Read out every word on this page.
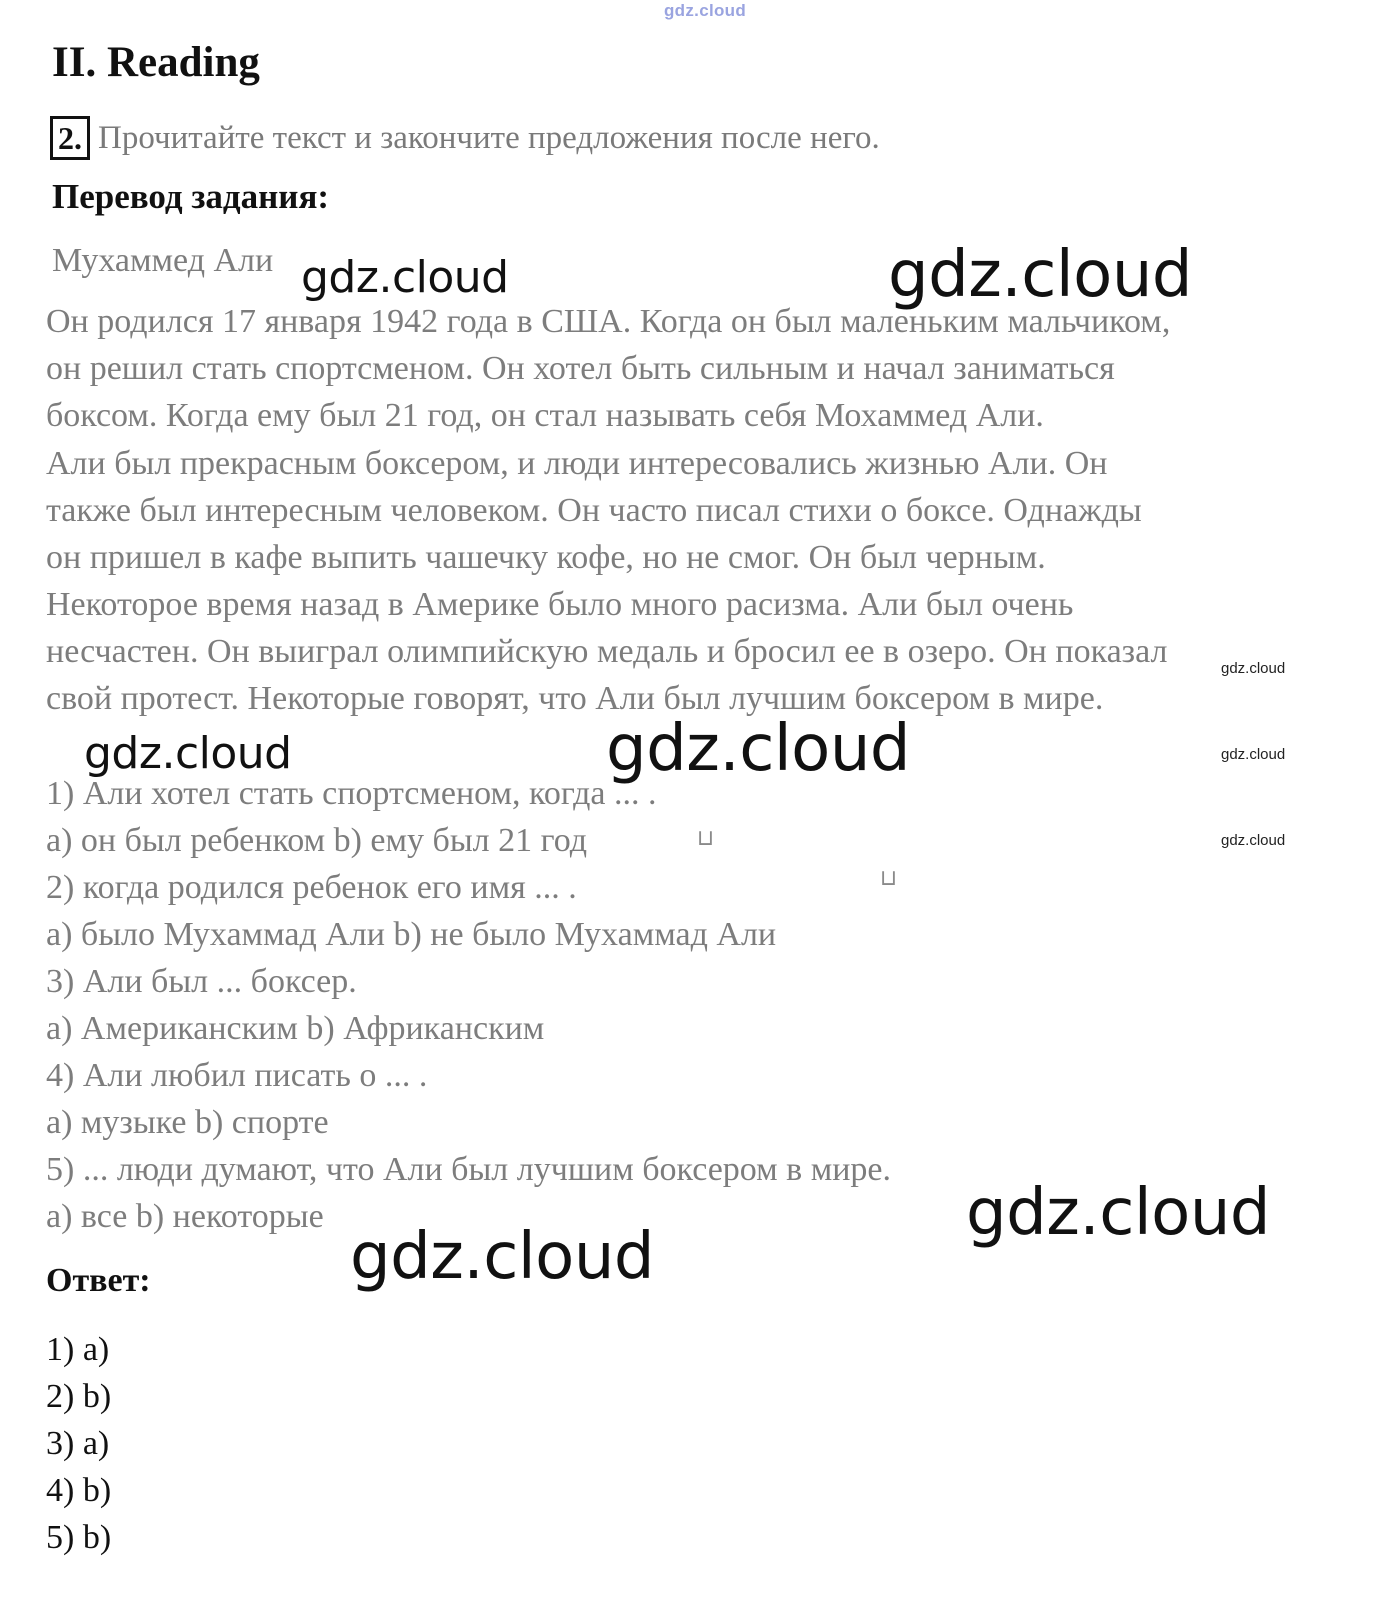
gdz.cloud
II. Reading
2. Прочитайте текст и закончите предложения после него.
Перевод задания:
Мухаммед Али
Он родился 17 января 1942 года в США. Когда он был маленьким мальчиком,
он решил стать спортсменом. Он хотел быть сильным и начал заниматься
боксом. Когда ему был 21 год, он стал называть себя Мохаммед Али.
Али был прекрасным боксером, и люди интересовались жизнью Али. Он
также был интересным человеком. Он часто писал стихи о боксе. Однажды
он пришел в кафе выпить чашечку кофе, но не смог. Он был черным.
Некоторое время назад в Америке было много расизма. Али был очень
несчастен. Он выиграл олимпийскую медаль и бросил ее в озеро. Он показал
свой протест. Некоторые говорят, что Али был лучшим боксером в мире.
1) Али хотел стать спортсменом, когда ... .
a) он был ребенком b) ему был 21 год
2) когда родился ребенок его имя ... .
a) было Мухаммад Али b) не было Мухаммад Али
3) Али был ... боксер.
a) Американским b) Африканским
4) Али любил писать о ... .
a) музыке b) спорте
5) ... люди думают, что Али был лучшим боксером в мире.
a) все b) некоторые
Ответ:
1) a)
2) b)
3) a)
4) b)
5) b)
⊔
⊔
gdz.cloud	gdz.cloud
gdz.cloud	gdz.cloud
gdz.cloud
gdz.cloud
gdz.cloud
gdz.cloud
gdz.cloud
